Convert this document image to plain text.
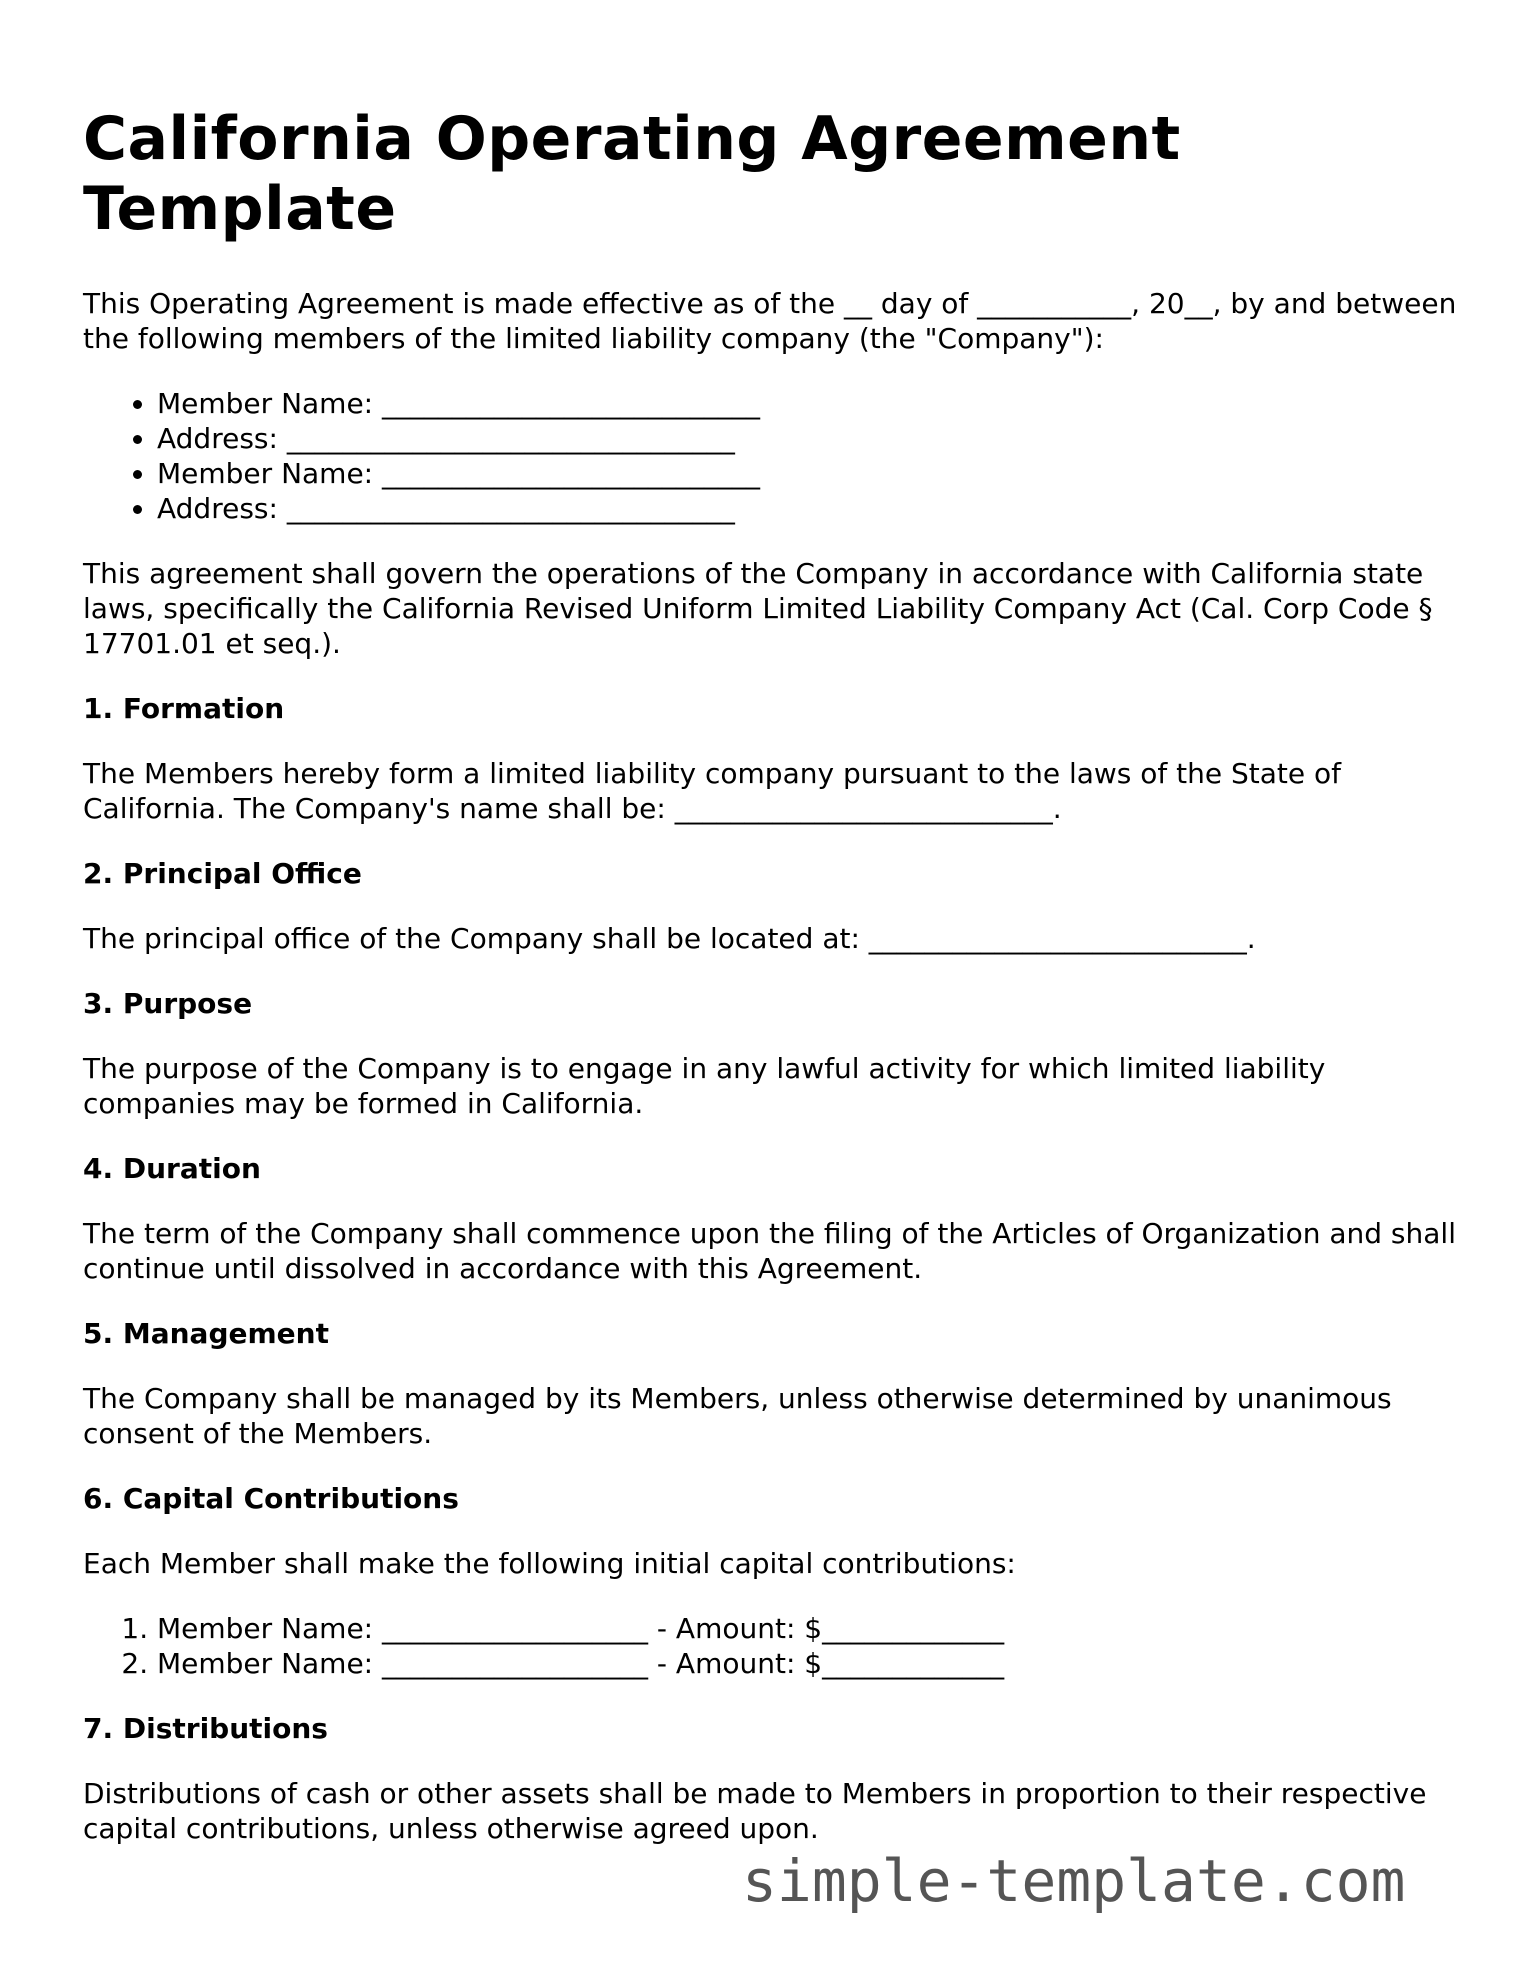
California Operating Agreement Template

This Operating Agreement is made effective as of the __ day of ___________, 20__, by and between the following members of the limited liability company (the "Company"):

• Member Name: ___________________________
• Address: ________________________________
• Member Name: ___________________________
• Address: ________________________________

This agreement shall govern the operations of the Company in accordance with California state laws, specifically the California Revised Uniform Limited Liability Company Act (Cal. Corp Code § 17701.01 et seq.).

1. Formation

The Members hereby form a limited liability company pursuant to the laws of the State of California. The Company's name shall be: ___________________________.

2. Principal Office

The principal office of the Company shall be located at: ___________________________.

3. Purpose

The purpose of the Company is to engage in any lawful activity for which limited liability companies may be formed in California.

4. Duration

The term of the Company shall commence upon the filing of the Articles of Organization and shall continue until dissolved in accordance with this Agreement.

5. Management

The Company shall be managed by its Members, unless otherwise determined by unanimous consent of the Members.

6. Capital Contributions

Each Member shall make the following initial capital contributions:

1. Member Name: ___________________ - Amount: $_____________
2. Member Name: ___________________ - Amount: $_____________
7. Distributions

Distributions of cash or other assets shall be made to Members in proportion to their respective capital contributions, unless otherwise agreed upon.

simple-template.com
